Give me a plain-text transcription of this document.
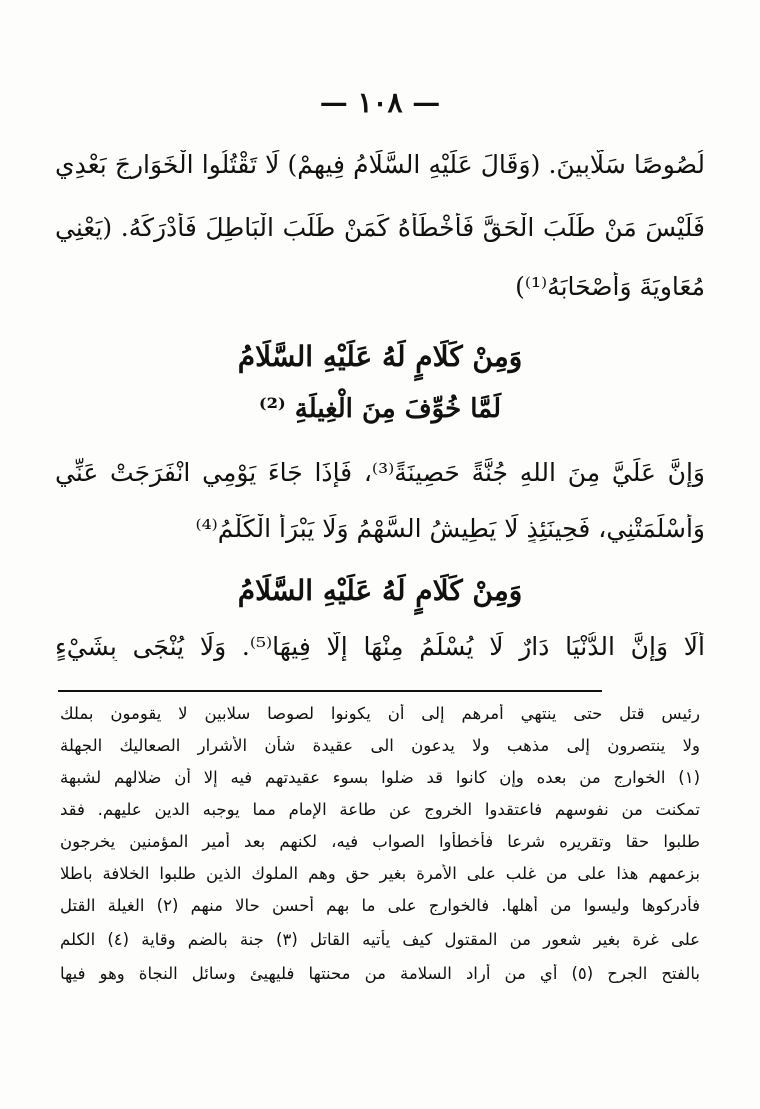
— ١٠٨ —
لُصُوصًا سَلَّابِينَ. (وَقَالَ عَلَيْهِ السَّلَامُ فِيهِمْ) لَا تَقْتُلُوا الْخَوَارِجَ بَعْدِي
فَلَيْسَ مَنْ طَلَبَ الْحَقَّ فَأَخْطَأَهُ كَمَنْ طَلَبَ الْبَاطِلَ فَأَدْرَكَهُ. (يَعْنِي
مُعَاوِيَةَ وَأَصْحَابَهُ⁽¹⁾)
وَمِنْ كَلَامٍ لَهُ عَلَيْهِ السَّلَامُ
لَمَّا خُوِّفَ مِنَ الْغِيلَةِ ⁽²⁾
وَإِنَّ عَلَيَّ مِنَ اللهِ جُنَّةً حَصِينَةً⁽³⁾، فَإِذَا جَاءَ يَوْمِي انْفَرَجَتْ عَنِّي
وَأَسْلَمَتْنِي، فَحِينَئِذٍ لَا يَطِيشُ السَّهْمُ وَلَا يَبْرَأُ الْكَلْمُ⁽⁴⁾
وَمِنْ كَلَامٍ لَهُ عَلَيْهِ السَّلَامُ
أَلَا وَإِنَّ الدُّنْيَا دَارٌ لَا يُسْلَمُ مِنْهَا إِلَّا فِيهَا⁽⁵⁾. وَلَا يُنْجَى بِشَيْءٍ
رئيس قتل حتى ينتهي أمرهم إلى أن يكونوا لصوصا سلابين لا يقومون بملك
ولا ينتصرون إلى مذهب ولا يدعون الى عقيدة شأن الأشرار الصعاليك الجهلة
(١) الخوارج من بعده وإن كانوا قد ضلوا بسوء عقيدتهم فيه إلا أن ضلالهم لشبهة
تمكنت من نفوسهم فاعتقدوا الخروج عن طاعة الإمام مما يوجبه الدين عليهم. فقد
طلبوا حقا وتقريره شرعا فأخطأوا الصواب فيه، لكنهم بعد أمير المؤمنين يخرجون
بزعمهم هذا على من غلب على الأمرة بغير حق وهم الملوك الذين طلبوا الخلافة باطلا
فأدركوها وليسوا من أهلها. فالخوارج على ما بهم أحسن حالا منهم (٢) الغيلة القتل
على غرة بغير شعور من المقتول كيف يأتيه القاتل (٣) جنة بالضم وقاية (٤) الكلم
بالفتح الجرح (٥) أي من أراد السلامة من محنتها فليهيئ وسائل النجاة وهو فيها
